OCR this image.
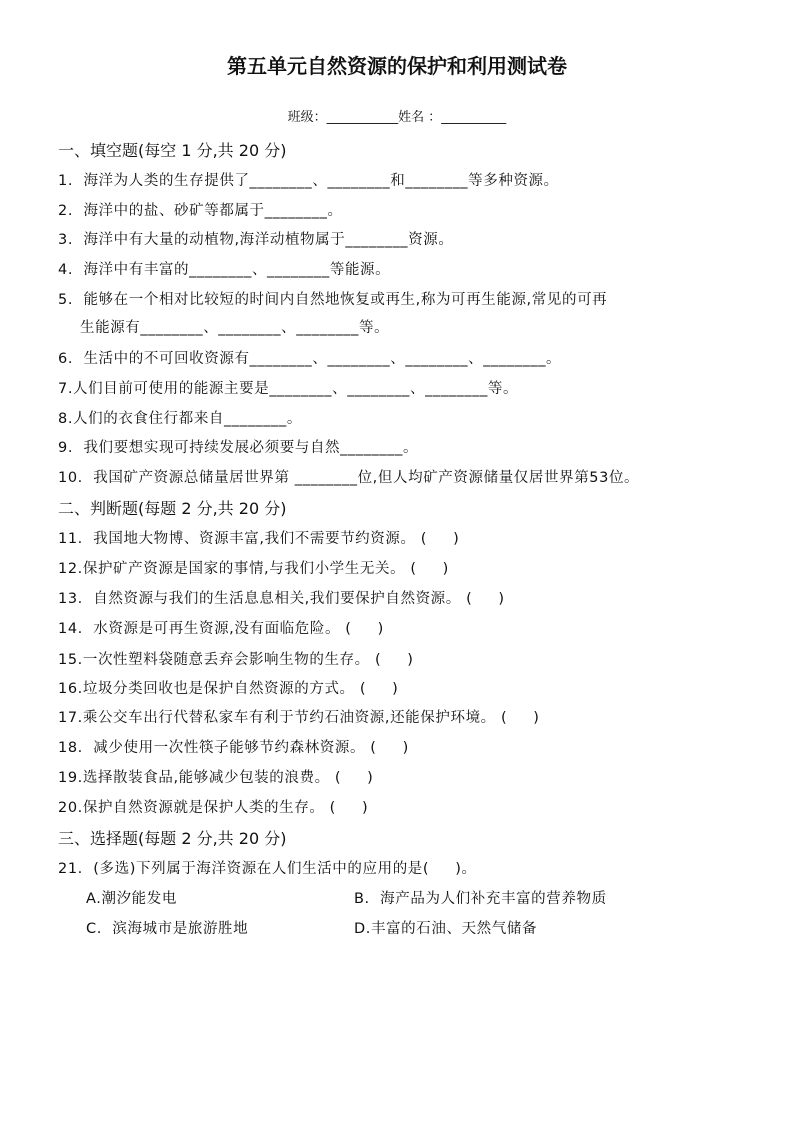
第五单元自然资源的保护和利用测试卷
班级：___________姓名 ：__________
一、填空题(每空 1 分,共 20 分)
1.  海洋为人类的生存提供了________、________和________等多种资源。
2.  海洋中的盐、砂矿等都属于________。
3.  海洋中有大量的动植物,海洋动植物属于________资源。
4.  海洋中有丰富的________、________等能源。
5.  能够在一个相对比较短的时间内自然地恢复或再生,称为可再生能源,常见的可再
生能源有________、________、________等。
6.  生活中的不可回收资源有________、________、________、________。
7.人们目前可使用的能源主要是________、________、________等。
8.人们的衣食住行都来自________。
9.  我们要想实现可持续发展必须要与自然________。
10.  我国矿产资源总储量居世界第 ________位,但人均矿产资源储量仅居世界第53位。
二、判断题(每题 2 分,共 20 分)
11.  我国地大物博、资源丰富,我们不需要节约资源。 (     )
12.保护矿产资源是国家的事情,与我们小学生无关。 (     )
13.  自然资源与我们的生活息息相关,我们要保护自然资源。 (     )
14.  水资源是可再生资源,没有面临危险。 (     )
15.一次性塑料袋随意丢弃会影响生物的生存。 (     )
16.垃圾分类回收也是保护自然资源的方式。 (     )
17.乘公交车出行代替私家车有利于节约石油资源,还能保护环境。 (     )
18.  减少使用一次性筷子能够节约森林资源。 (     )
19.选择散装食品,能够减少包装的浪费。 (     )
20.保护自然资源就是保护人类的生存。 (     )
三、选择题(每题 2 分,共 20 分)
21.  (多选)下列属于海洋资源在人们生活中的应用的是(     )。
A.潮汐能发电	B.  海产品为人们补充丰富的营养物质
C.  滨海城市是旅游胜地	D.丰富的石油、天然气储备
